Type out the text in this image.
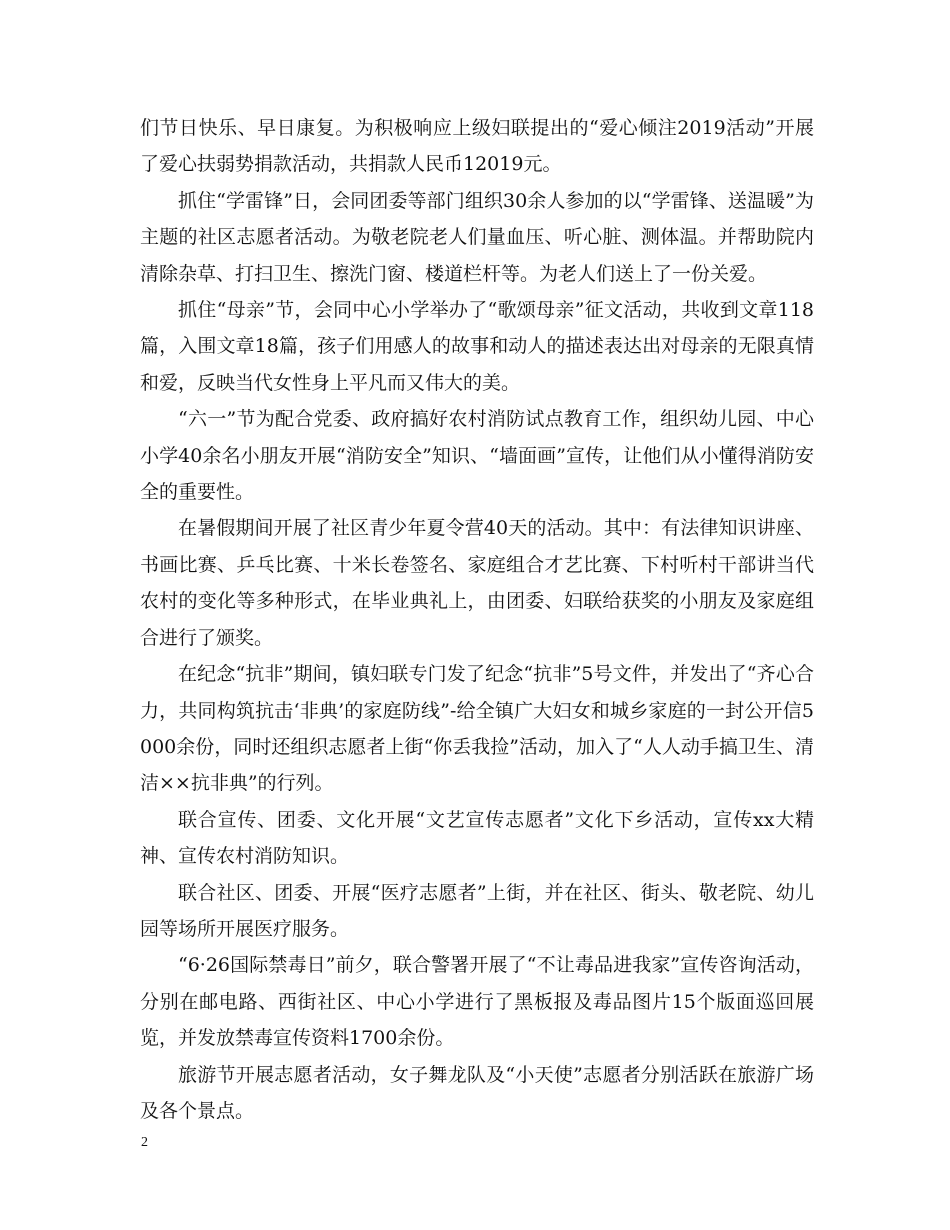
们节日快乐、早日康复。为积极响应上级妇联提出的“爱心倾注2019活动”开展了爱心扶弱势捐款活动，共捐款人民币12019元。

抓住“学雷锋”日，会同团委等部门组织30余人参加的以“学雷锋、送温暖”为主题的社区志愿者活动。为敬老院老人们量血压、听心脏、测体温。并帮助院内清除杂草、打扫卫生、擦洗门窗、楼道栏杆等。为老人们送上了一份关爱。

抓住“母亲”节，会同中心小学举办了“歌颂母亲”征文活动，共收到文章118篇，入围文章18篇，孩子们用感人的故事和动人的描述表达出对母亲的无限真情和爱，反映当代女性身上平凡而又伟大的美。

“六一”节为配合党委、政府搞好农村消防试点教育工作，组织幼儿园、中心小学40余名小朋友开展“消防安全”知识、“墙面画”宣传，让他们从小懂得消防安全的重要性。

在暑假期间开展了社区青少年夏令营40天的活动。其中：有法律知识讲座、书画比赛、乒乓比赛、十米长卷签名、家庭组合才艺比赛、下村听村干部讲当代农村的变化等多种形式，在毕业典礼上，由团委、妇联给获奖的小朋友及家庭组合进行了颁奖。

在纪念“抗非”期间，镇妇联专门发了纪念“抗非”5号文件，并发出了“齐心合力，共同构筑抗击‘非典’的家庭防线”-给全镇广大妇女和城乡家庭的一封公开信5000余份，同时还组织志愿者上街“你丢我捡”活动，加入了“人人动手搞卫生、清洁××抗非典”的行列。

联合宣传、团委、文化开展“文艺宣传志愿者”文化下乡活动，宣传xx大精神、宣传农村消防知识。

联合社区、团委、开展“医疗志愿者”上街，并在社区、街头、敬老院、幼儿园等场所开展医疗服务。

“6·26国际禁毒日”前夕，联合警署开展了“不让毒品进我家”宣传咨询活动，分别在邮电路、西街社区、中心小学进行了黑板报及毒品图片15个版面巡回展览，并发放禁毒宣传资料1700余份。

旅游节开展志愿者活动，女子舞龙队及“小天使”志愿者分别活跃在旅游广场及各个景点。

2
